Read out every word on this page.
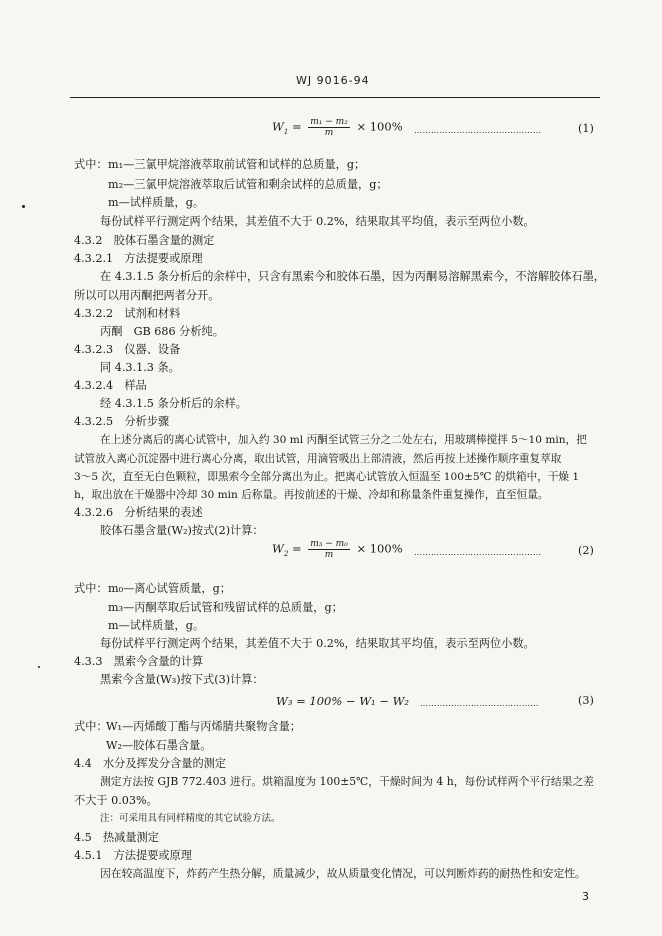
WJ 9016-94
$W_1 = \frac{\text{m₁ − m₂}}{m} \times 100\%$ ………………………………………	(1)
式中： m₁—三氯甲烷溶液萃取前试管和试样的总质量，g；
m₂—三氯甲烷溶液萃取后试管和剩余试样的总质量，g；
m—试样质量，g。
每份试样平行测定两个结果，其差值不大于 0.2%，结果取其平均值，表示至两位小数。
4.3.2　胶体石墨含量的测定
4.3.2.1　方法提要或原理
在 4.3.1.5 条分析后的余样中，只含有黑索今和胶体石墨，因为丙酮易溶解黑索今，不溶解胶体石墨，
所以可以用丙酮把两者分开。
4.3.2.2　试剂和材料
丙酮　GB 686 分析纯。
4.3.2.3　仪器、设备
同 4.3.1.3 条。
4.3.2.4　样品
经 4.3.1.5 条分析后的余样。
4.3.2.5　分析步骤
在上述分离后的离心试管中，加入约 30 ml 丙酮至试管三分之二处左右，用玻璃棒搅拌 5～10 min，把
试管放入离心沉淀器中进行离心分离，取出试管，用滴管吸出上部清液，然后再按上述操作顺序重复萃取
3～5 次，直至无白色颗粒，即黑索今全部分离出为止。把离心试管放入恒温至 100±5℃ 的烘箱中，干燥 1
h，取出放在干燥器中冷却 30 min 后称量。再按前述的干燥、冷却和称量条件重复操作，直至恒量。
4.3.2.6　分析结果的表述
胶体石墨含量(W₂)按式(2)计算：
$W_2 = \frac{\text{m₃ − m₀}}{m} \times 100\%$ ………………………………………	(2)
式中： m₀—离心试管质量，g；
m₃—丙酮萃取后试管和残留试样的总质量，g；
m—试样质量，g。
每份试样平行测定两个结果，其差值不大于 0.2%，结果取其平均值，表示至两位小数。
4.3.3　黑索今含量的计算
黑索今含量(W₃)按下式(3)计算：
W₃ = 100% − W₁ − W₂ ……………………………………	(3)
式中：
W₁—丙烯酸丁酯与丙烯腈共聚物含量；
W₂—胶体石墨含量。
4.4　水分及挥发分含量的测定
测定方法按 GJB 772.403 进行。烘箱温度为 100±5℃，干燥时间为 4 h，每份试样两个平行结果之差
不大于 0.03%。
注：可采用具有同样精度的其它试验方法。
4.5　热减量测定
4.5.1　方法提要或原理
因在较高温度下，炸药产生热分解，质量减少，故从质量变化情况，可以判断炸药的耐热性和安定性。
3
